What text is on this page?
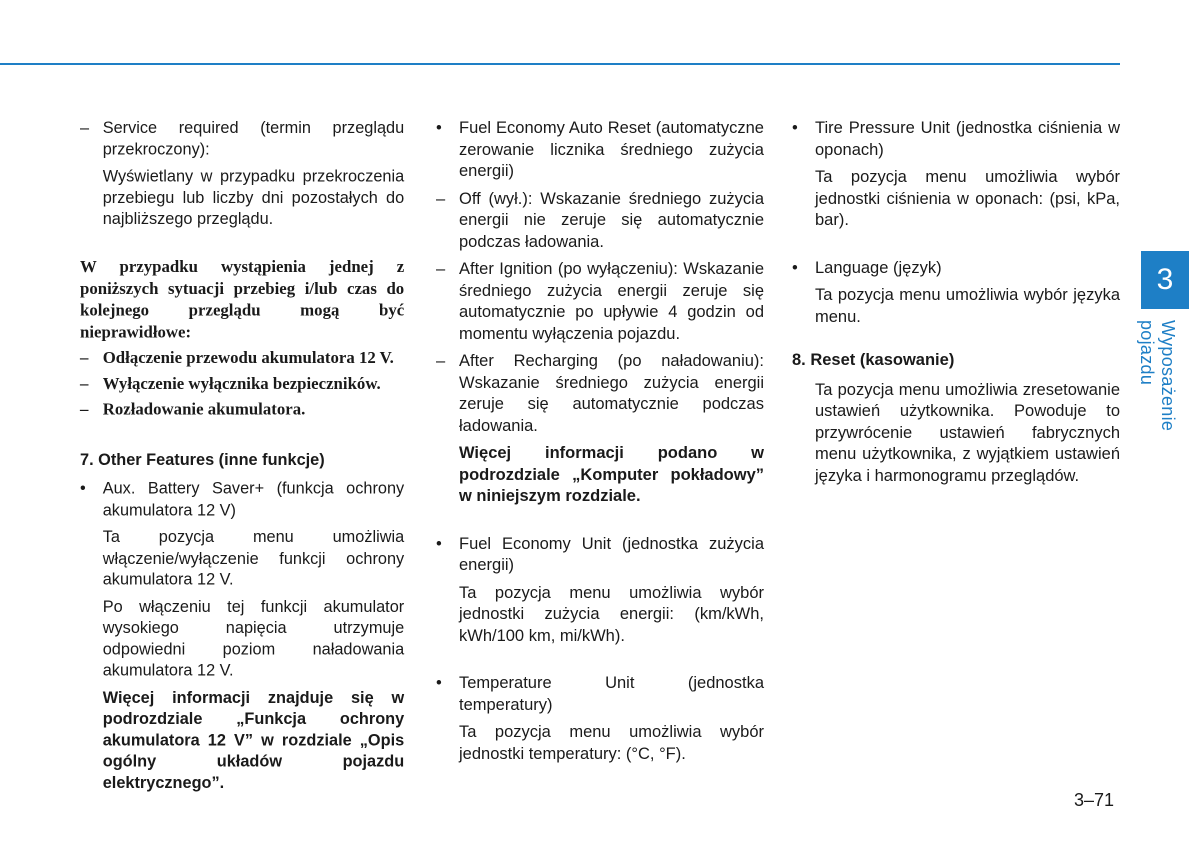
– Service required (termin przeglądu przekroczony):
Wyświetlany w przypadku przekroczenia przebiegu lub liczby dni pozostałych do najbliższego przeglądu.
W przypadku wystąpienia jednej z poniższych sytuacji przebieg i/lub czas do kolejnego przeglądu mogą być nieprawidłowe:
– Odłączenie przewodu akumulatora 12 V.
– Wyłączenie wyłącznika bezpieczników.
– Rozładowanie akumulatora.
7. Other Features (inne funkcje)
• Aux. Battery Saver+ (funkcja ochrony akumulatora 12 V)
Ta pozycja menu umożliwia włączenie/wyłączenie funkcji ochrony akumulatora 12 V.
Po włączeniu tej funkcji akumulator wysokiego napięcia utrzymuje odpowiedni poziom naładowania akumulatora 12 V.
Więcej informacji znajduje się w podrozdziale „Funkcja ochrony akumulatora 12 V” w rozdziale „Opis ogólny układów pojazdu elektrycznego”.
• Fuel Economy Auto Reset (automatyczne zerowanie licznika średniego zużycia energii)
– Off (wył.): Wskazanie średniego zużycia energii nie zeruje się automatycznie podczas ładowania.
– After Ignition (po wyłączeniu): Wskazanie średniego zużycia energii zeruje się automatycznie po upływie 4 godzin od momentu wyłączenia pojazdu.
– After Recharging (po naładowaniu): Wskazanie średniego zużycia energii zeruje się automatycznie podczas ładowania.
Więcej informacji podano w podrozdziale „Komputer pokładowy” w niniejszym rozdziale.
• Fuel Economy Unit (jednostka zużycia energii)
Ta pozycja menu umożliwia wybór jednostki zużycia energii: (km/kWh, kWh/100 km, mi/kWh).
• Temperature Unit (jednostka temperatury)
Ta pozycja menu umożliwia wybór jednostki temperatury: (°C, °F).
• Tire Pressure Unit (jednostka ciśnienia w oponach)
Ta pozycja menu umożliwia wybór jednostki ciśnienia w oponach: (psi, kPa, bar).
• Language (język)
Ta pozycja menu umożliwia wybór języka menu.
8. Reset (kasowanie)
Ta pozycja menu umożliwia zresetowanie ustawień użytkownika. Powoduje to przywrócenie ustawień fabrycznych menu użytkownika, z wyjątkiem ustawień języka i harmonogramu przeglądów.
3
Wyposażenie pojazdu
3–71
